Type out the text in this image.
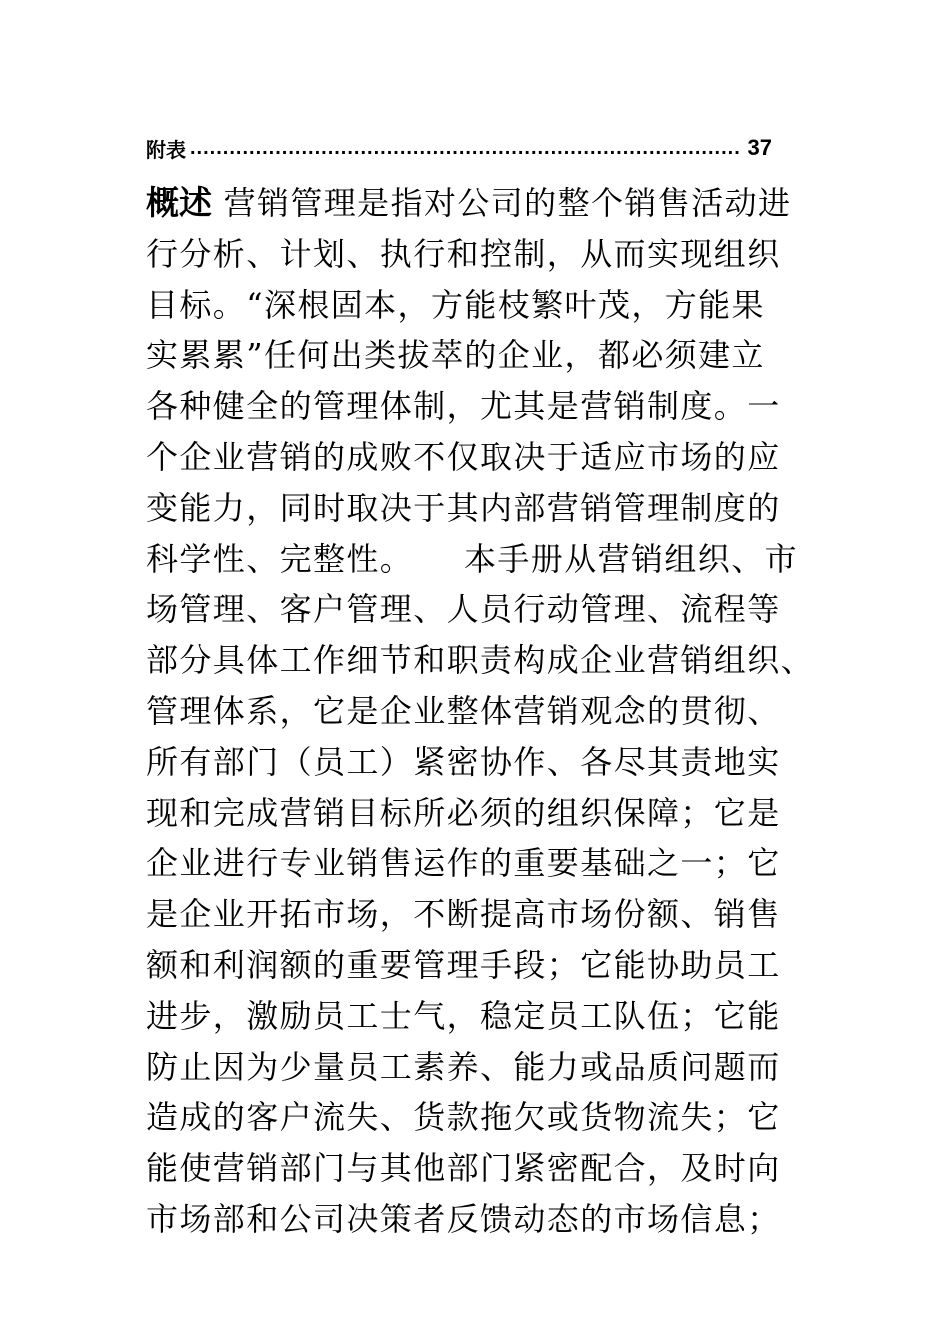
附表
.....	37

概述 营销管理是指对公司的整个销售活动进
行分析、计划、执行和控制，从而实现组织
目标。“深根固本，方能枝繁叶茂，方能果
实累累”任何出类拔萃的企业，都必须建立
各种健全的管理体制，尤其是营销制度。一
个企业营销的成败不仅取决于适应市场的应
变能力，同时取决于其内部营销管理制度的
科学性、完整性。　　本手册从营销组织、市
场管理、客户管理、人员行动管理、流程等
部分具体工作细节和职责构成企业营销组织、
管理体系，它是企业整体营销观念的贯彻、
所有部门（员工）紧密协作、各尽其责地实
现和完成营销目标所必须的组织保障；它是
企业进行专业销售运作的重要基础之一；它
是企业开拓市场，不断提高市场份额、销售
额和利润额的重要管理手段；它能协助员工
进步，激励员工士气，稳定员工队伍；它能
防止因为少量员工素养、能力或品质问题而
造成的客户流失、货款拖欠或货物流失；它
能使营销部门与其他部门紧密配合，及时向
市场部和公司决策者反馈动态的市场信息；
